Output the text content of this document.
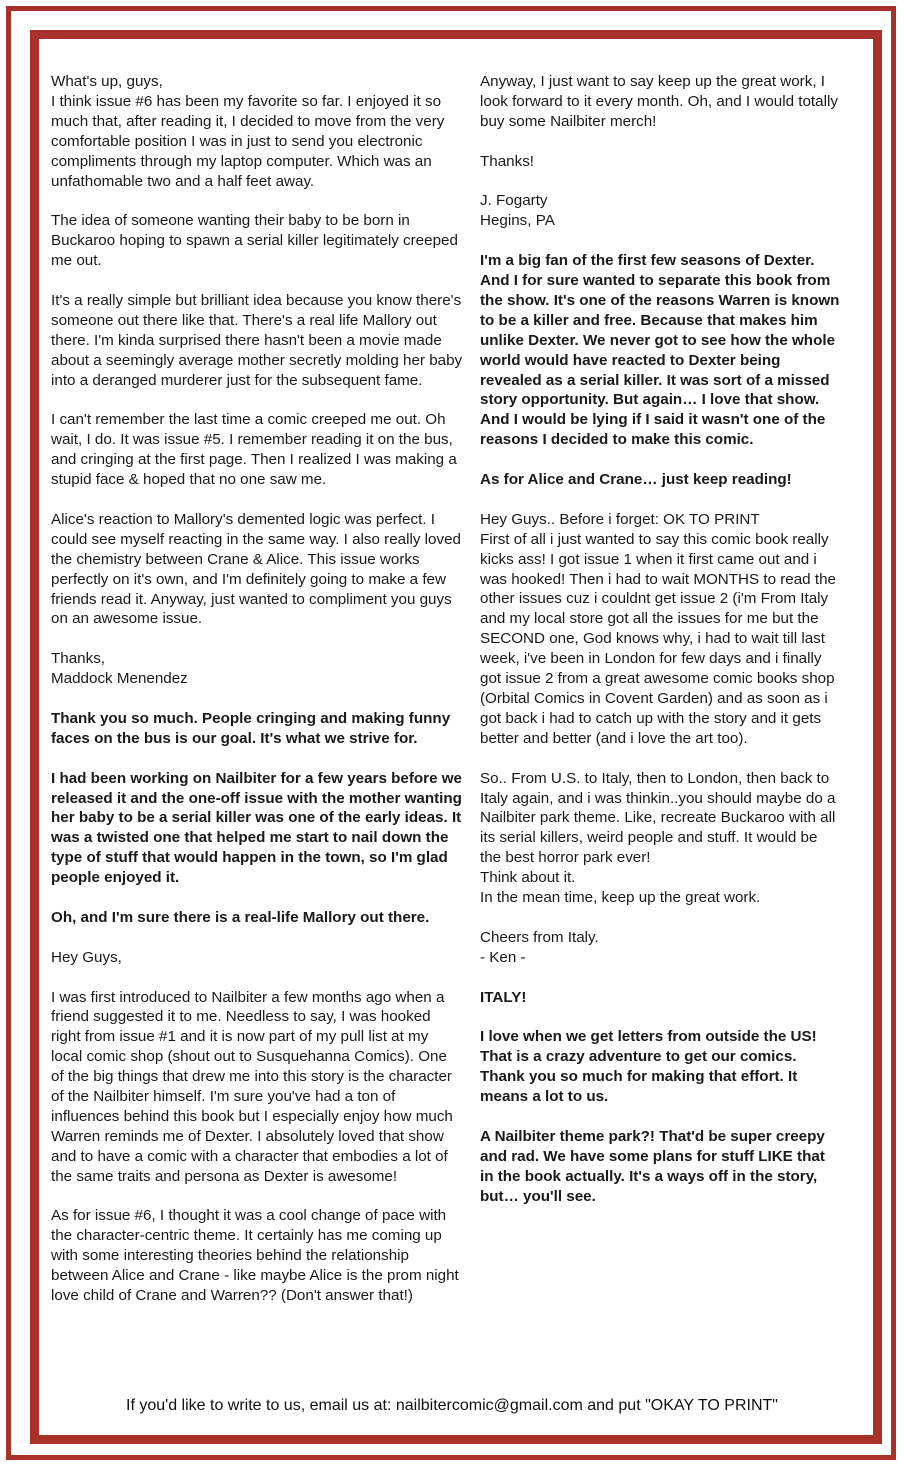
What's up, guys,
I think issue #6 has been my favorite so far. I enjoyed it so much that, after reading it, I decided to move from the very comfortable position I was in just to send you electronic compliments through my laptop computer. Which was an unfathomable two and a half feet away.

The idea of someone wanting their baby to be born in Buckaroo hoping to spawn a serial killer legitimately creeped me out.

It's a really simple but brilliant idea because you know there's someone out there like that. There's a real life Mallory out there. I'm kinda surprised there hasn't been a movie made about a seemingly average mother secretly molding her baby into a deranged murderer just for the subsequent fame.

I can't remember the last time a comic creeped me out. Oh wait, I do. It was issue #5. I remember reading it on the bus, and cringing at the first page. Then I realized I was making a stupid face & hoped that no one saw me.

Alice's reaction to Mallory's demented logic was perfect. I could see myself reacting in the same way. I also really loved the chemistry between Crane & Alice. This issue works perfectly on it's own, and I'm definitely going to make a few friends read it. Anyway, just wanted to compliment you guys on an awesome issue.

Thanks,
Maddock Menendez

Thank you so much. People cringing and making funny faces on the bus is our goal. It's what we strive for.

I had been working on Nailbiter for a few years before we released it and the one-off issue with the mother wanting her baby to be a serial killer was one of the early ideas. It was a twisted one that helped me start to nail down the type of stuff that would happen in the town, so I'm glad people enjoyed it.

Oh, and I'm sure there is a real-life Mallory out there.

Hey Guys,

I was first introduced to Nailbiter a few months ago when a friend suggested it to me. Needless to say, I was hooked right from issue #1 and it is now part of my pull list at my local comic shop (shout out to Susquehanna Comics). One of the big things that drew me into this story is the character of the Nailbiter himself. I'm sure you've had a ton of influences behind this book but I especially enjoy how much Warren reminds me of Dexter. I absolutely loved that show and to have a comic with a character that embodies a lot of the same traits and persona as Dexter is awesome!

As for issue #6, I thought it was a cool change of pace with the character-centric theme. It certainly has me coming up with some interesting theories behind the relationship between Alice and Crane - like maybe Alice is the prom night love child of Crane and Warren?? (Don't answer that!)

Anyway, I just want to say keep up the great work, I look forward to it every month. Oh, and I would totally buy some Nailbiter merch!

Thanks!

J. Fogarty
Hegins, PA

I'm a big fan of the first few seasons of Dexter. And I for sure wanted to separate this book from the show. It's one of the reasons Warren is known to be a killer and free. Because that makes him unlike Dexter. We never got to see how the whole world would have reacted to Dexter being revealed as a serial killer. It was sort of a missed story opportunity. But again… I love that show. And I would be lying if I said it wasn't one of the reasons I decided to make this comic.

As for Alice and Crane… just keep reading!

Hey Guys.. Before i forget: OK TO PRINT
First of all i just wanted to say this comic book really kicks ass! I got issue 1 when it first came out and i was hooked! Then i had to wait MONTHS to read the other issues cuz i couldnt get issue 2 (i'm From Italy and my local store got all the issues for me but the SECOND one, God knows why, i had to wait till last week, i've been in London for few days and i finally got issue 2 from a great awesome comic books shop (Orbital Comics in Covent Garden) and as soon as i got back i had to catch up with the story and it gets better and better (and i love the art too).

So.. From U.S. to Italy, then to London, then back to Italy again, and i was thinkin..you should maybe do a Nailbiter park theme. Like, recreate Buckaroo with all its serial killers, weird people and stuff. It would be the best horror park ever!
Think about it.
In the mean time, keep up the great work.

Cheers from Italy.
- Ken -

ITALY!

I love when we get letters from outside the US! That is a crazy adventure to get our comics. Thank you so much for making that effort. It means a lot to us.

A Nailbiter theme park?! That'd be super creepy and rad. We have some plans for stuff LIKE that in the book actually. It's a ways off in the story, but… you'll see.

If you'd like to write to us, email us at: nailbitercomic@gmail.com and put "OKAY TO PRINT"
